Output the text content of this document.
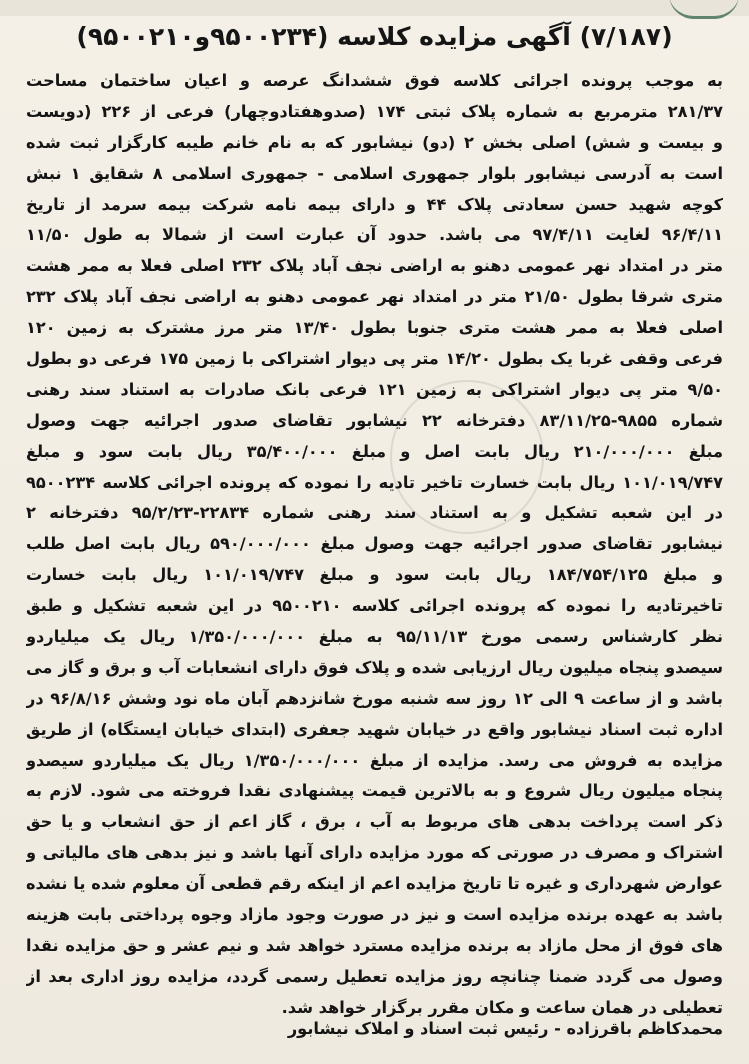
(۷/۱۸۷) آگهی مزایده کلاسه (۹۵۰۰۲۳۴و۹۵۰۰۲۱۰)
به موجب پرونده اجرائی کلاسه فوق ششدانگ عرصه و اعیان ساختمان مساحت
۲۸۱/۳۷ مترمربع به شماره پلاک ثبتی ۱۷۴ (صدوهفتادوچهار) فرعی از ۲۲۶ (دویست
و بیست و شش) اصلی بخش ۲ (دو) نیشابور که به نام خانم طیبه کارگزار ثبت شده
است به آدرسی نیشابور بلوار جمهوری اسلامی - جمهوری اسلامی ۸ شقایق ۱ نبش
کوچه شهید حسن سعادتی پلاک ۴۴ و دارای بیمه نامه شرکت بیمه سرمد از تاریخ
۹۶/۴/۱۱ لغایت ۹۷/۴/۱۱ می باشد. حدود آن عبارت است از شمالا به طول ۱۱/۵۰
متر در امتداد نهر عمومی دهنو به اراضی نجف آباد پلاک ۲۳۲ اصلی فعلا به ممر هشت
متری شرقا بطول ۲۱/۵۰ متر در امتداد نهر عمومی دهنو به اراضی نجف آباد پلاک ۲۳۲
اصلی فعلا به ممر هشت متری جنوبا بطول ۱۳/۴۰ متر مرز مشترک به زمین ۱۲۰
فرعی وقفی غربا یک بطول ۱۴/۲۰ متر پی دیوار اشتراکی با زمین ۱۷۵ فرعی دو بطول
۹/۵۰ متر پی دیوار اشتراکی به زمین ۱۲۱ فرعی بانک صادرات به استناد سند رهنی
شماره ۹۸۵۵-۸۳/۱۱/۲۵ دفترخانه ۲۲ نیشابور تقاضای صدور اجرائیه جهت وصول
مبلغ ۲۱۰/۰۰۰/۰۰۰ ریال بابت اصل و مبلغ ۳۵/۴۰۰/۰۰۰ ریال بابت سود و مبلغ
۱۰۱/۰۱۹/۷۴۷ ریال بابت خسارت تاخیر تادیه را نموده که پرونده اجرائی کلاسه ۹۵۰۰۲۳۴
در این شعبه تشکیل و به استناد سند رهنی شماره ۲۲۸۳۴-۹۵/۲/۲۳ دفترخانه ۲
نیشابور تقاضای صدور اجرائیه جهت وصول مبلغ ۵۹۰/۰۰۰/۰۰۰ ریال بابت اصل طلب
و مبلغ ۱۸۴/۷۵۴/۱۲۵ ریال بابت سود و مبلغ ۱۰۱/۰۱۹/۷۴۷ ریال بابت خسارت
تاخیرتادیه را نموده که پرونده اجرائی کلاسه ۹۵۰۰۲۱۰ در این شعبه تشکیل و طبق
نظر کارشناس رسمی مورخ ۹۵/۱۱/۱۳ به مبلغ ۱/۳۵۰/۰۰۰/۰۰۰ ریال یک میلیاردو
سیصدو پنجاه میلیون ریال ارزیابی شده و پلاک فوق دارای انشعابات آب و برق و گاز می
باشد و از ساعت ۹ الی ۱۲ روز سه شنبه مورخ شانزدهم آبان ماه نود وشش ۹۶/۸/۱۶ در
اداره ثبت اسناد نیشابور واقع در خیابان شهید جعفری (ابتدای خیابان ایستگاه) از طریق
مزایده به فروش می رسد. مزایده از مبلغ ۱/۳۵۰/۰۰۰/۰۰۰ ریال یک میلیاردو سیصدو
پنجاه میلیون ریال شروع و به بالاترین قیمت پیشنهادی نقدا فروخته می شود. لازم به
ذکر است پرداخت بدهی های مربوط به آب ، برق ، گاز اعم از حق انشعاب و یا حق
اشتراک و مصرف در صورتی که مورد مزایده دارای آنها باشد و نیز بدهی های مالیاتی و
عوارض شهرداری و غیره تا تاریخ مزایده اعم از اینکه رقم قطعی آن معلوم شده یا نشده
باشد به عهده برنده مزایده است و نیز در صورت وجود مازاد وجوه پرداختی بابت هزینه
های فوق از محل مازاد به برنده مزایده مسترد خواهد شد و نیم عشر و حق مزایده نقدا
وصول می گردد ضمنا چنانچه روز مزایده تعطیل رسمی گردد، مزایده روز اداری بعد از
تعطیلی در همان ساعت و مکان مقرر برگزار خواهد شد.
محمدکاظم باقرزاده - رئیس ثبت اسناد و املاک نیشابور
